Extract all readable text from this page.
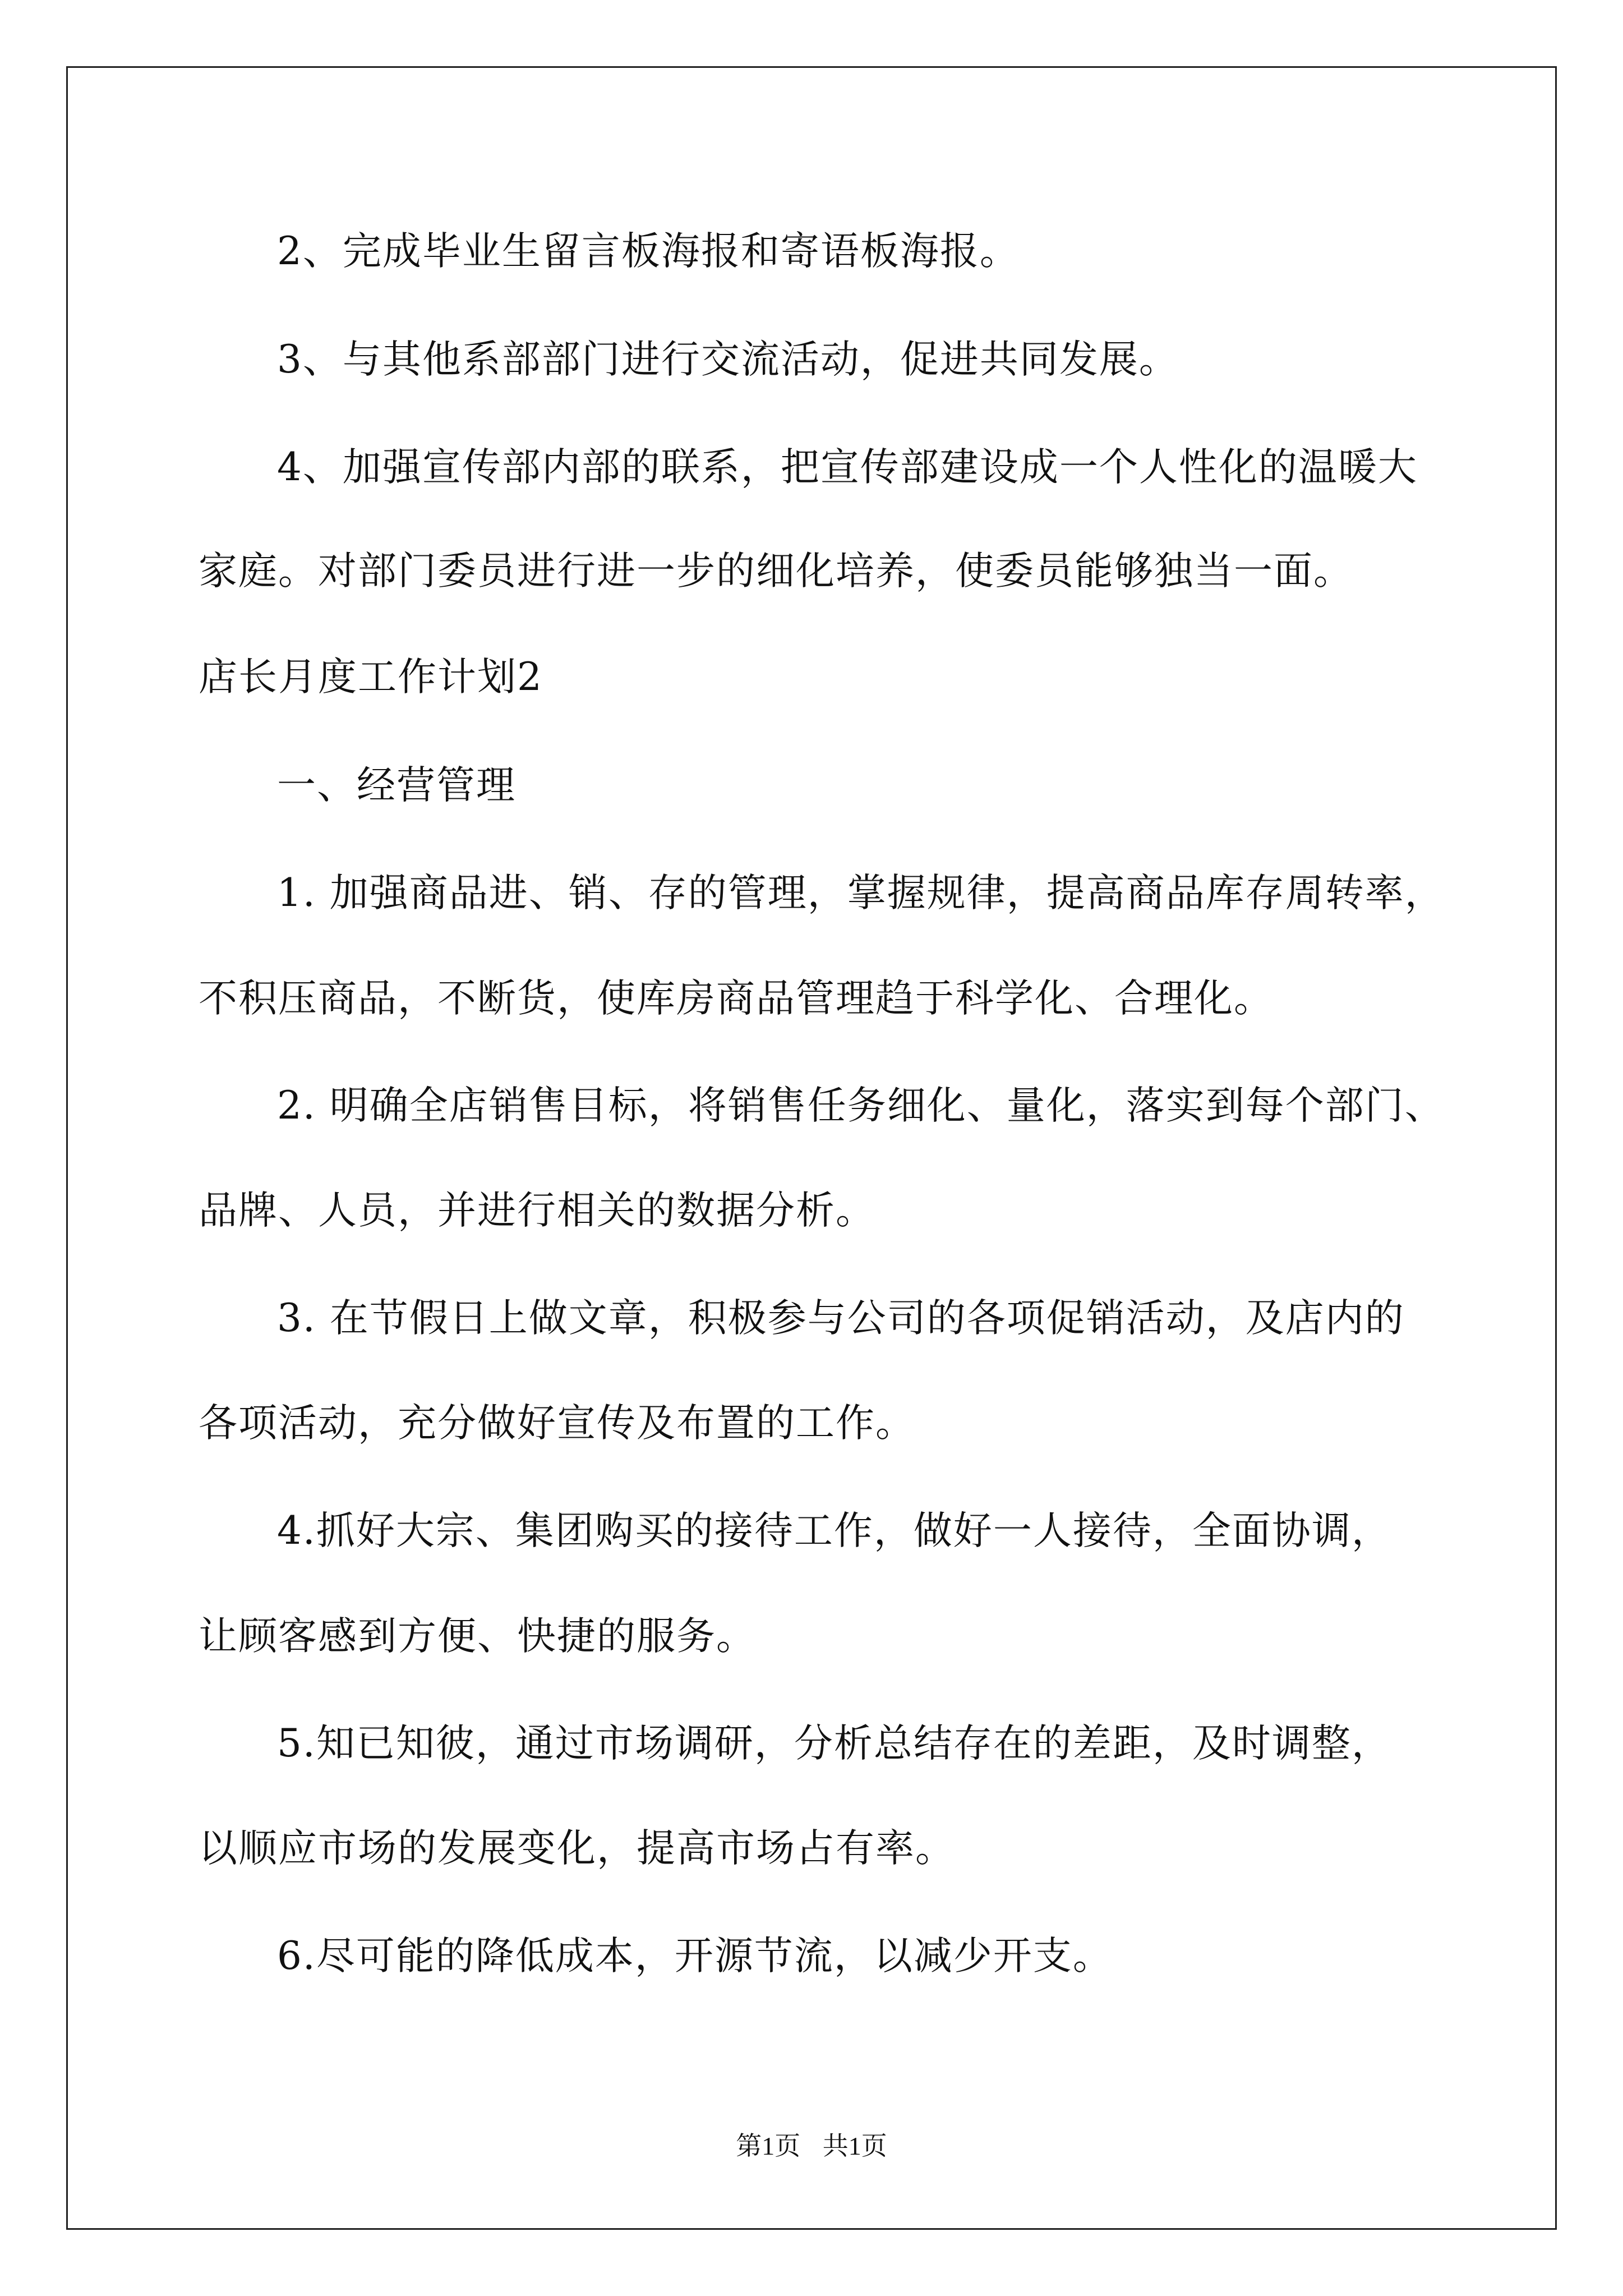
2、完成毕业生留言板海报和寄语板海报。
3、与其他系部部门进行交流活动，促进共同发展。
4、加强宣传部内部的联系，把宣传部建设成一个人性化的温暖大
家庭。对部门委员进行进一步的细化培养，使委员能够独当一面。
店长月度工作计划2
一、经营管理
1. 加强商品进、销、存的管理，掌握规律，提高商品库存周转率，
不积压商品，不断货，使库房商品管理趋于科学化、合理化。
2. 明确全店销售目标，将销售任务细化、量化，落实到每个部门、
品牌、人员，并进行相关的数据分析。
3. 在节假日上做文章，积极参与公司的各项促销活动，及店内的
各项活动，充分做好宣传及布置的工作。
4.抓好大宗、集团购买的接待工作，做好一人接待，全面协调，
让顾客感到方便、快捷的服务。
5.知已知彼，通过市场调研，分析总结存在的差距，及时调整，
以顺应市场的发展变化，提高市场占有率。
6.尽可能的降低成本，开源节流，以减少开支。
第1页 共1页
